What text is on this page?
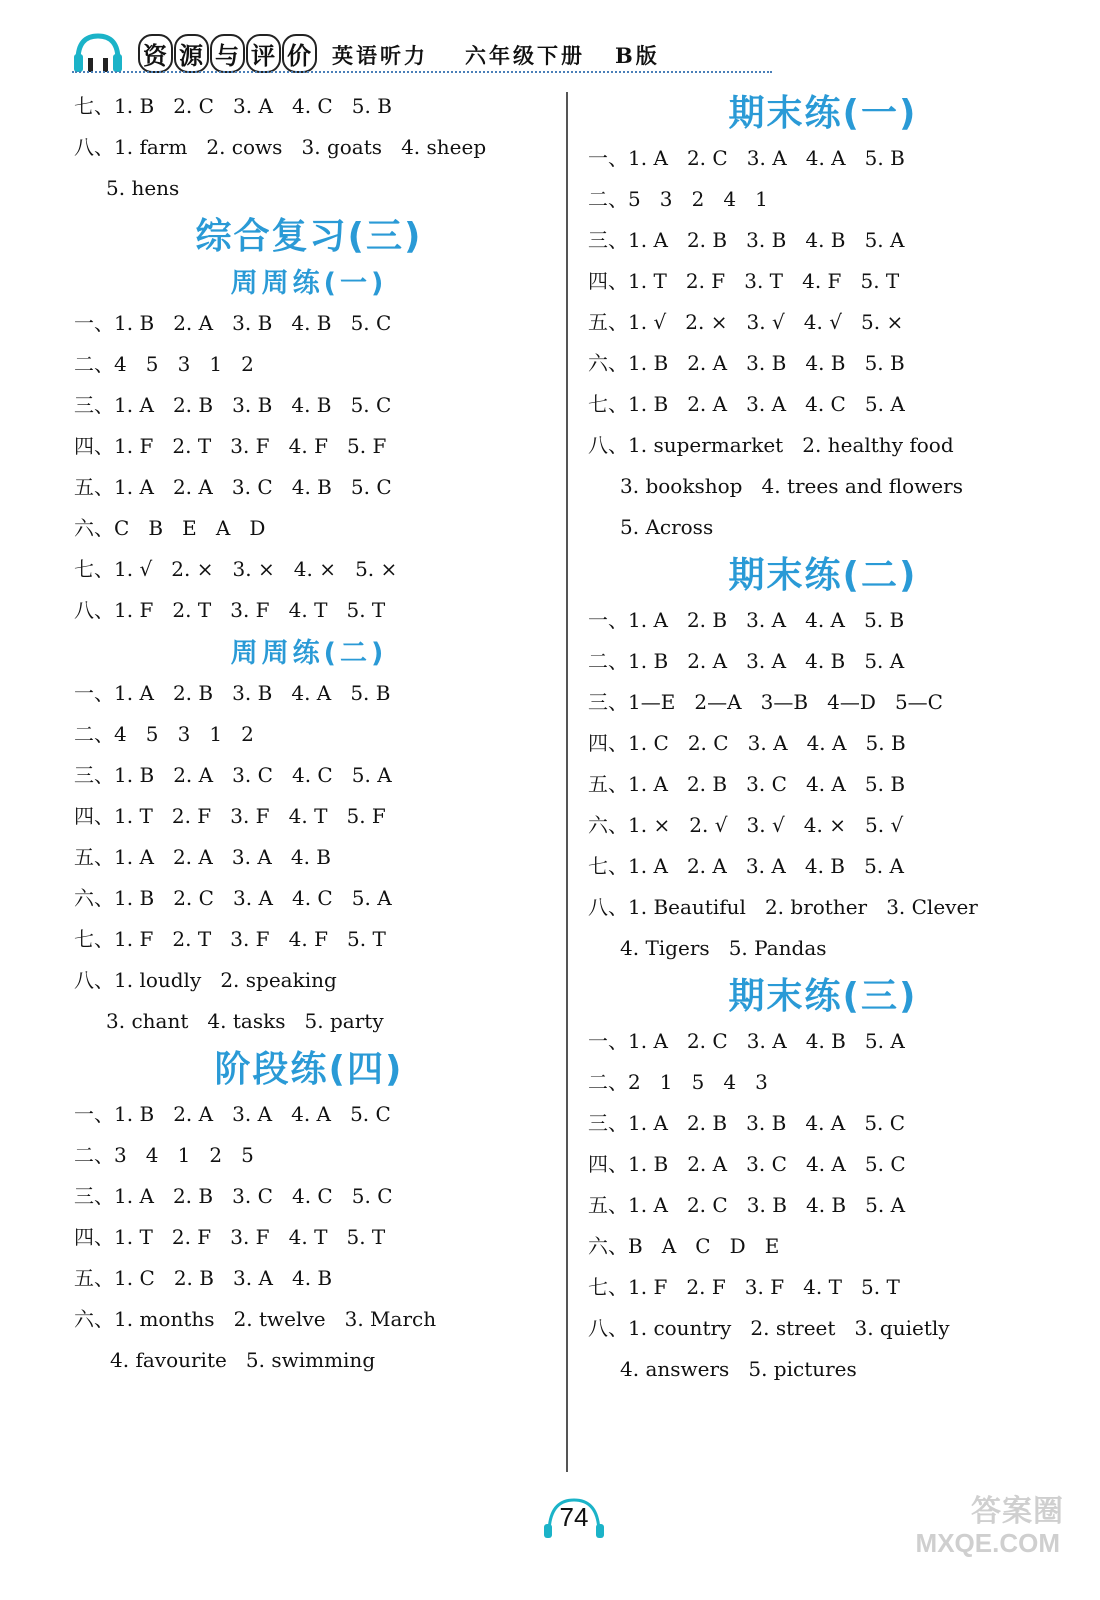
资 源 与 评 价 英语听力 六年级下册 B版
七、1. B   2. C   3. A   4. C   5. B
八、1. farm   2. cows   3. goats   4. sheep
5. hens
综合复习(三)
周周练(一)
一、1. B   2. A   3. B   4. B   5. C
二、4   5   3   1   2
三、1. A   2. B   3. B   4. B   5. C
四、1. F   2. T   3. F   4. F   5. F
五、1. A   2. A   3. C   4. B   5. C
六、C   B   E   A   D
七、1. √   2. ×   3. ×   4. ×   5. ×
八、1. F   2. T   3. F   4. T   5. T
周周练(二)
一、1. A   2. B   3. B   4. A   5. B
二、4   5   3   1   2
三、1. B   2. A   3. C   4. C   5. A
四、1. T   2. F   3. F   4. T   5. F
五、1. A   2. A   3. A   4. B
六、1. B   2. C   3. A   4. C   5. A
七、1. F   2. T   3. F   4. F   5. T
八、1. loudly   2. speaking
3. chant   4. tasks   5. party
阶段练(四)
一、1. B   2. A   3. A   4. A   5. C
二、3   4   1   2   5
三、1. A   2. B   3. C   4. C   5. C
四、1. T   2. F   3. F   4. T   5. T
五、1. C   2. B   3. A   4. B
六、1. months   2. twelve   3. March
4. favourite   5. swimming
期末练(一)
一、1. A   2. C   3. A   4. A   5. B
二、5   3   2   4   1
三、1. A   2. B   3. B   4. B   5. A
四、1. T   2. F   3. T   4. F   5. T
五、1. √   2. ×   3. √   4. √   5. ×
六、1. B   2. A   3. B   4. B   5. B
七、1. B   2. A   3. A   4. C   5. A
八、1. supermarket   2. healthy food
3. bookshop   4. trees and flowers
5. Across
期末练(二)
一、1. A   2. B   3. A   4. A   5. B
二、1. B   2. A   3. A   4. B   5. A
三、1—E   2—A   3—B   4—D   5—C
四、1. C   2. C   3. A   4. A   5. B
五、1. A   2. B   3. C   4. A   5. B
六、1. ×   2. √   3. √   4. ×   5. √
七、1. A   2. A   3. A   4. B   5. A
八、1. Beautiful   2. brother   3. Clever
4. Tigers   5. Pandas
期末练(三)
一、1. A   2. C   3. A   4. B   5. A
二、2   1   5   4   3
三、1. A   2. B   3. B   4. A   5. C
四、1. B   2. A   3. C   4. A   5. C
五、1. A   2. C   3. B   4. B   5. A
六、B   A   C   D   E
七、1. F   2. F   3. F   4. T   5. T
八、1. country   2. street   3. quietly
4. answers   5. pictures
74	答案圈
MXQE.COM
